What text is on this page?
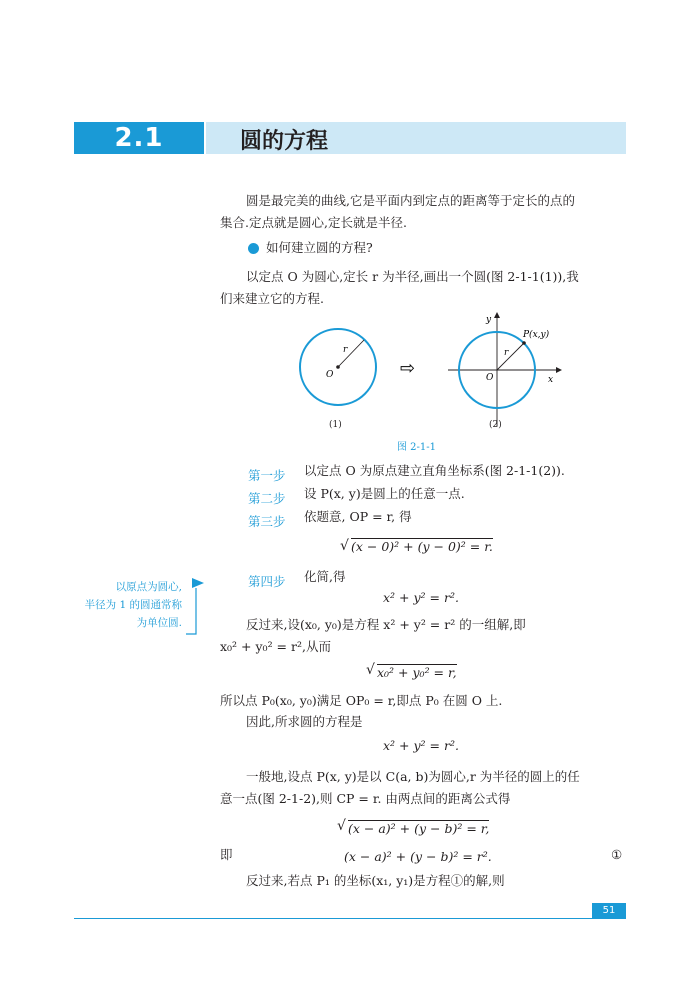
2.1	圆的方程
圆是最完美的曲线,它是平面内到定点的距离等于定长的点的
集合.定点就是圆心,定长就是半径.
如何建立圆的方程?
以定点 O 为圆心,定长 r 为半径,画出一个圆(图 2-1-1(1)),我
们来建立它的方程.
O
r
⇨	O
r
x
y
P(x,y)
(1)	(2)
图 2-1-1
第一步 以定点 O 为原点建立直角坐标系(图 2-1-1(2)).
第二步 设 P(x, y)是圆上的任意一点.
第三步 依题意, OP = r, 得
√ (x − 0)² + (y − 0)² = r.
以原点为圆心,
半径为 1 的圆通常称
为单位圆.
第四步 化简,得
x² + y² = r².
反过来,设(x₀, y₀)是方程 x² + y² = r² 的一组解,即
x₀² + y₀² = r²,从而
√ x₀² + y₀² = r,
所以点 P₀(x₀, y₀)满足 OP₀ = r,即点 P₀ 在圆 O 上.
因此,所求圆的方程是
x² + y² = r².
一般地,设点 P(x, y)是以 C(a, b)为圆心,r 为半径的圆上的任
意一点(图 2-1-2),则 CP = r. 由两点间的距离公式得
√ (x − a)² + (y − b)² = r,
即	(x − a)² + (y − b)² = r².	①
反过来,若点 P₁ 的坐标(x₁, y₁)是方程①的解,则
51
